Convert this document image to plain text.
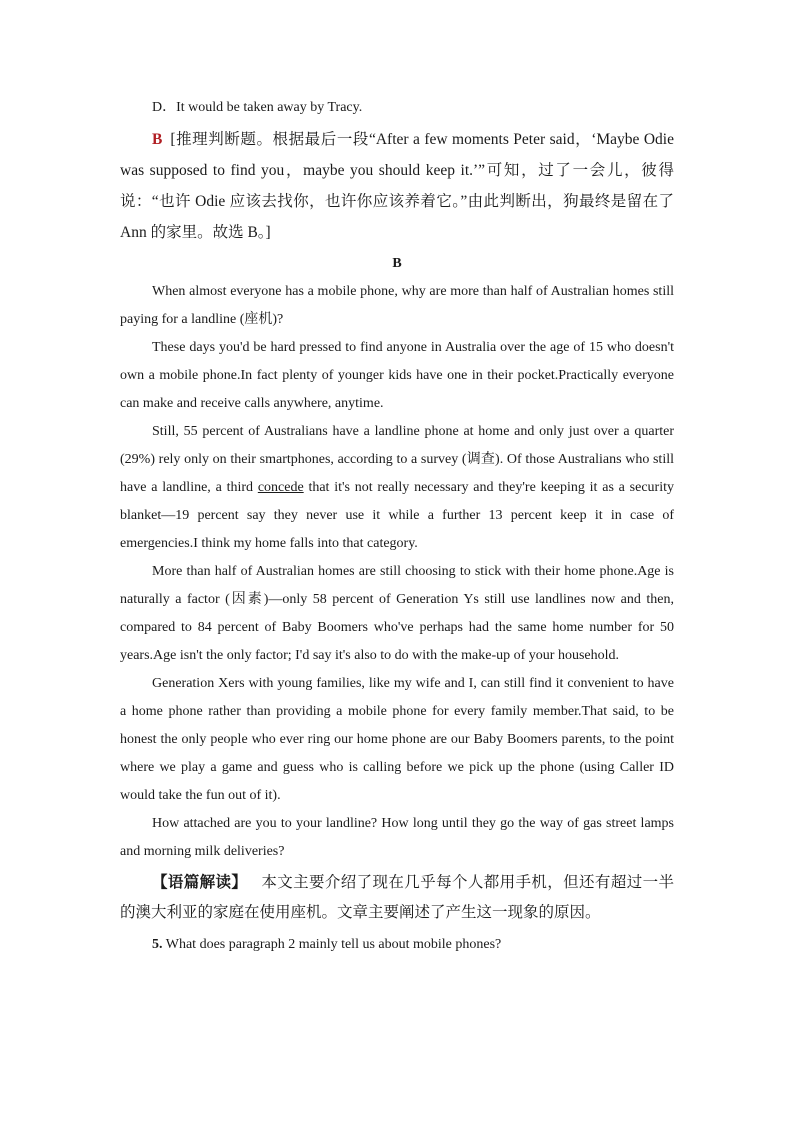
D．It would be taken away by Tracy.
B [推理判断题。根据最后一段“After a few moments Peter said，‘Maybe Odie was supposed to find you，maybe you should keep it.’”可知，过了一会儿，彼得说：“也许 Odie 应该去找你，也许你应该养着它。”由此判断出，狗最终是留在了 Ann 的家里。故选 B。]
B
When almost everyone has a mobile phone, why are more than half of Australian homes still paying for a landline (座机)?
These days you'd be hard pressed to find anyone in Australia over the age of 15 who doesn't own a mobile phone.In fact plenty of younger kids have one in their pocket.Practically everyone can make and receive calls anywhere, anytime.
Still, 55 percent of Australians have a landline phone at home and only just over a quarter (29%) rely only on their smartphones, according to a survey (调查). Of those Australians who still have a landline, a third concede that it's not really necessary and they're keeping it as a security blanket—19 percent say they never use it while a further 13 percent keep it in case of emergencies.I think my home falls into that category.
More than half of Australian homes are still choosing to stick with their home phone.Age is naturally a factor (因素)—only 58 percent of Generation Ys still use landlines now and then, compared to 84 percent of Baby Boomers who've perhaps had the same home number for 50 years.Age isn't the only factor; I'd say it's also to do with the make-up of your household.
Generation Xers with young families, like my wife and I, can still find it convenient to have a home phone rather than providing a mobile phone for every family member.That said, to be honest the only people who ever ring our home phone are our Baby Boomers parents, to the point where we play a game and guess who is calling before we pick up the phone (using Caller ID would take the fun out of it).
How attached are you to your landline? How long until they go the way of gas street lamps and morning milk deliveries?
【语篇解读】 本文主要介绍了现在几乎每个人都用手机，但还有超过一半的澳大利亚的家庭在使用座机。文章主要阐述了产生这一现象的原因。
5. What does paragraph 2 mainly tell us about mobile phones?
